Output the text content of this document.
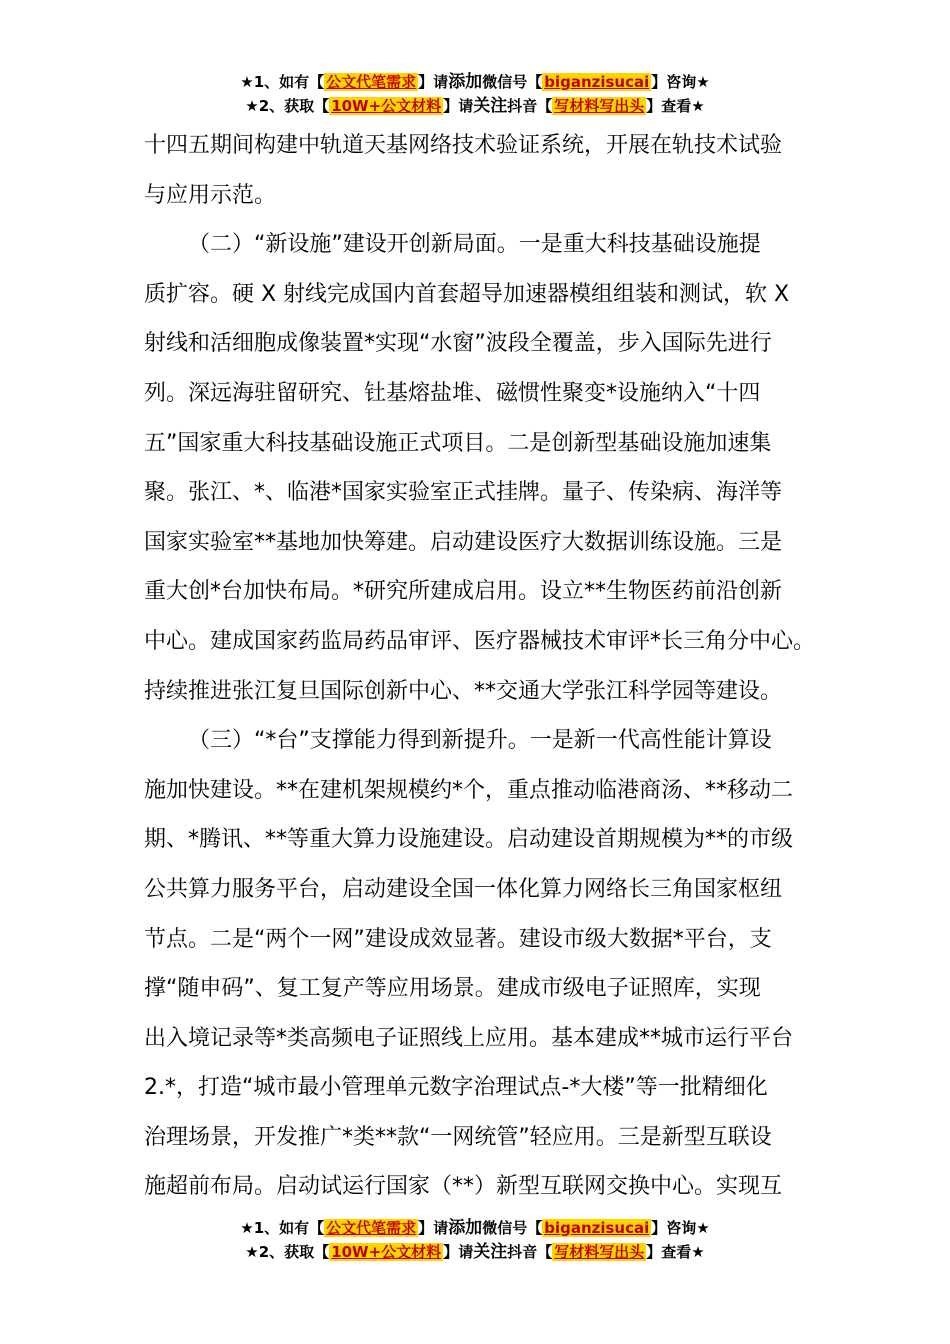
★1、如有【 公文代笔需求 】请添加微信号【 biganzisucai 】咨询★
★2、获取【 10W+公文材料 】请关注抖音【 写材料写出头 】查看★

十四五期间构建中轨道天基网络技术验证系统，开展在轨技术试验

与应用示范。

（二）“新设施”建设开创新局面。一是重大科技基础设施提

质扩容。硬 X 射线完成国内首套超导加速器模组组装和测试，软 X

射线和活细胞成像装置*实现“水窗”波段全覆盖，步入国际先进行

列。深远海驻留研究、钍基熔盐堆、磁惯性聚变*设施纳入“十四

五”国家重大科技基础设施正式项目。二是创新型基础设施加速集

聚。张江、*、临港*国家实验室正式挂牌。量子、传染病、海洋等

国家实验室**基地加快筹建。启动建设医疗大数据训练设施。三是

重大创*台加快布局。*研究所建成启用。设立**生物医药前沿创新

中心。建成国家药监局药品审评、医疗器械技术审评*长三角分中心。

持续推进张江复旦国际创新中心、**交通大学张江科学园等建设。

（三）“*台”支撑能力得到新提升。一是新一代高性能计算设

施加快建设。**在建机架规模约*个，重点推动临港商汤、**移动二

期、*腾讯、**等重大算力设施建设。启动建设首期规模为**的市级

公共算力服务平台，启动建设全国一体化算力网络长三角国家枢纽

节点。二是“两个一网”建设成效显著。建设市级大数据*平台，支

撑“随申码”、复工复产等应用场景。建成市级电子证照库，实现

出入境记录等*类高频电子证照线上应用。基本建成**城市运行平台

2.*，打造“城市最小管理单元数字治理试点-*大楼”等一批精细化

治理场景，开发推广*类**款“一网统管”轻应用。三是新型互联设

施超前布局。启动试运行国家（**）新型互联网交换中心。实现互

★1、如有【 公文代笔需求 】请添加微信号【 biganzisucai 】咨询★
★2、获取【 10W+公文材料 】请关注抖音【 写材料写出头 】查看★
